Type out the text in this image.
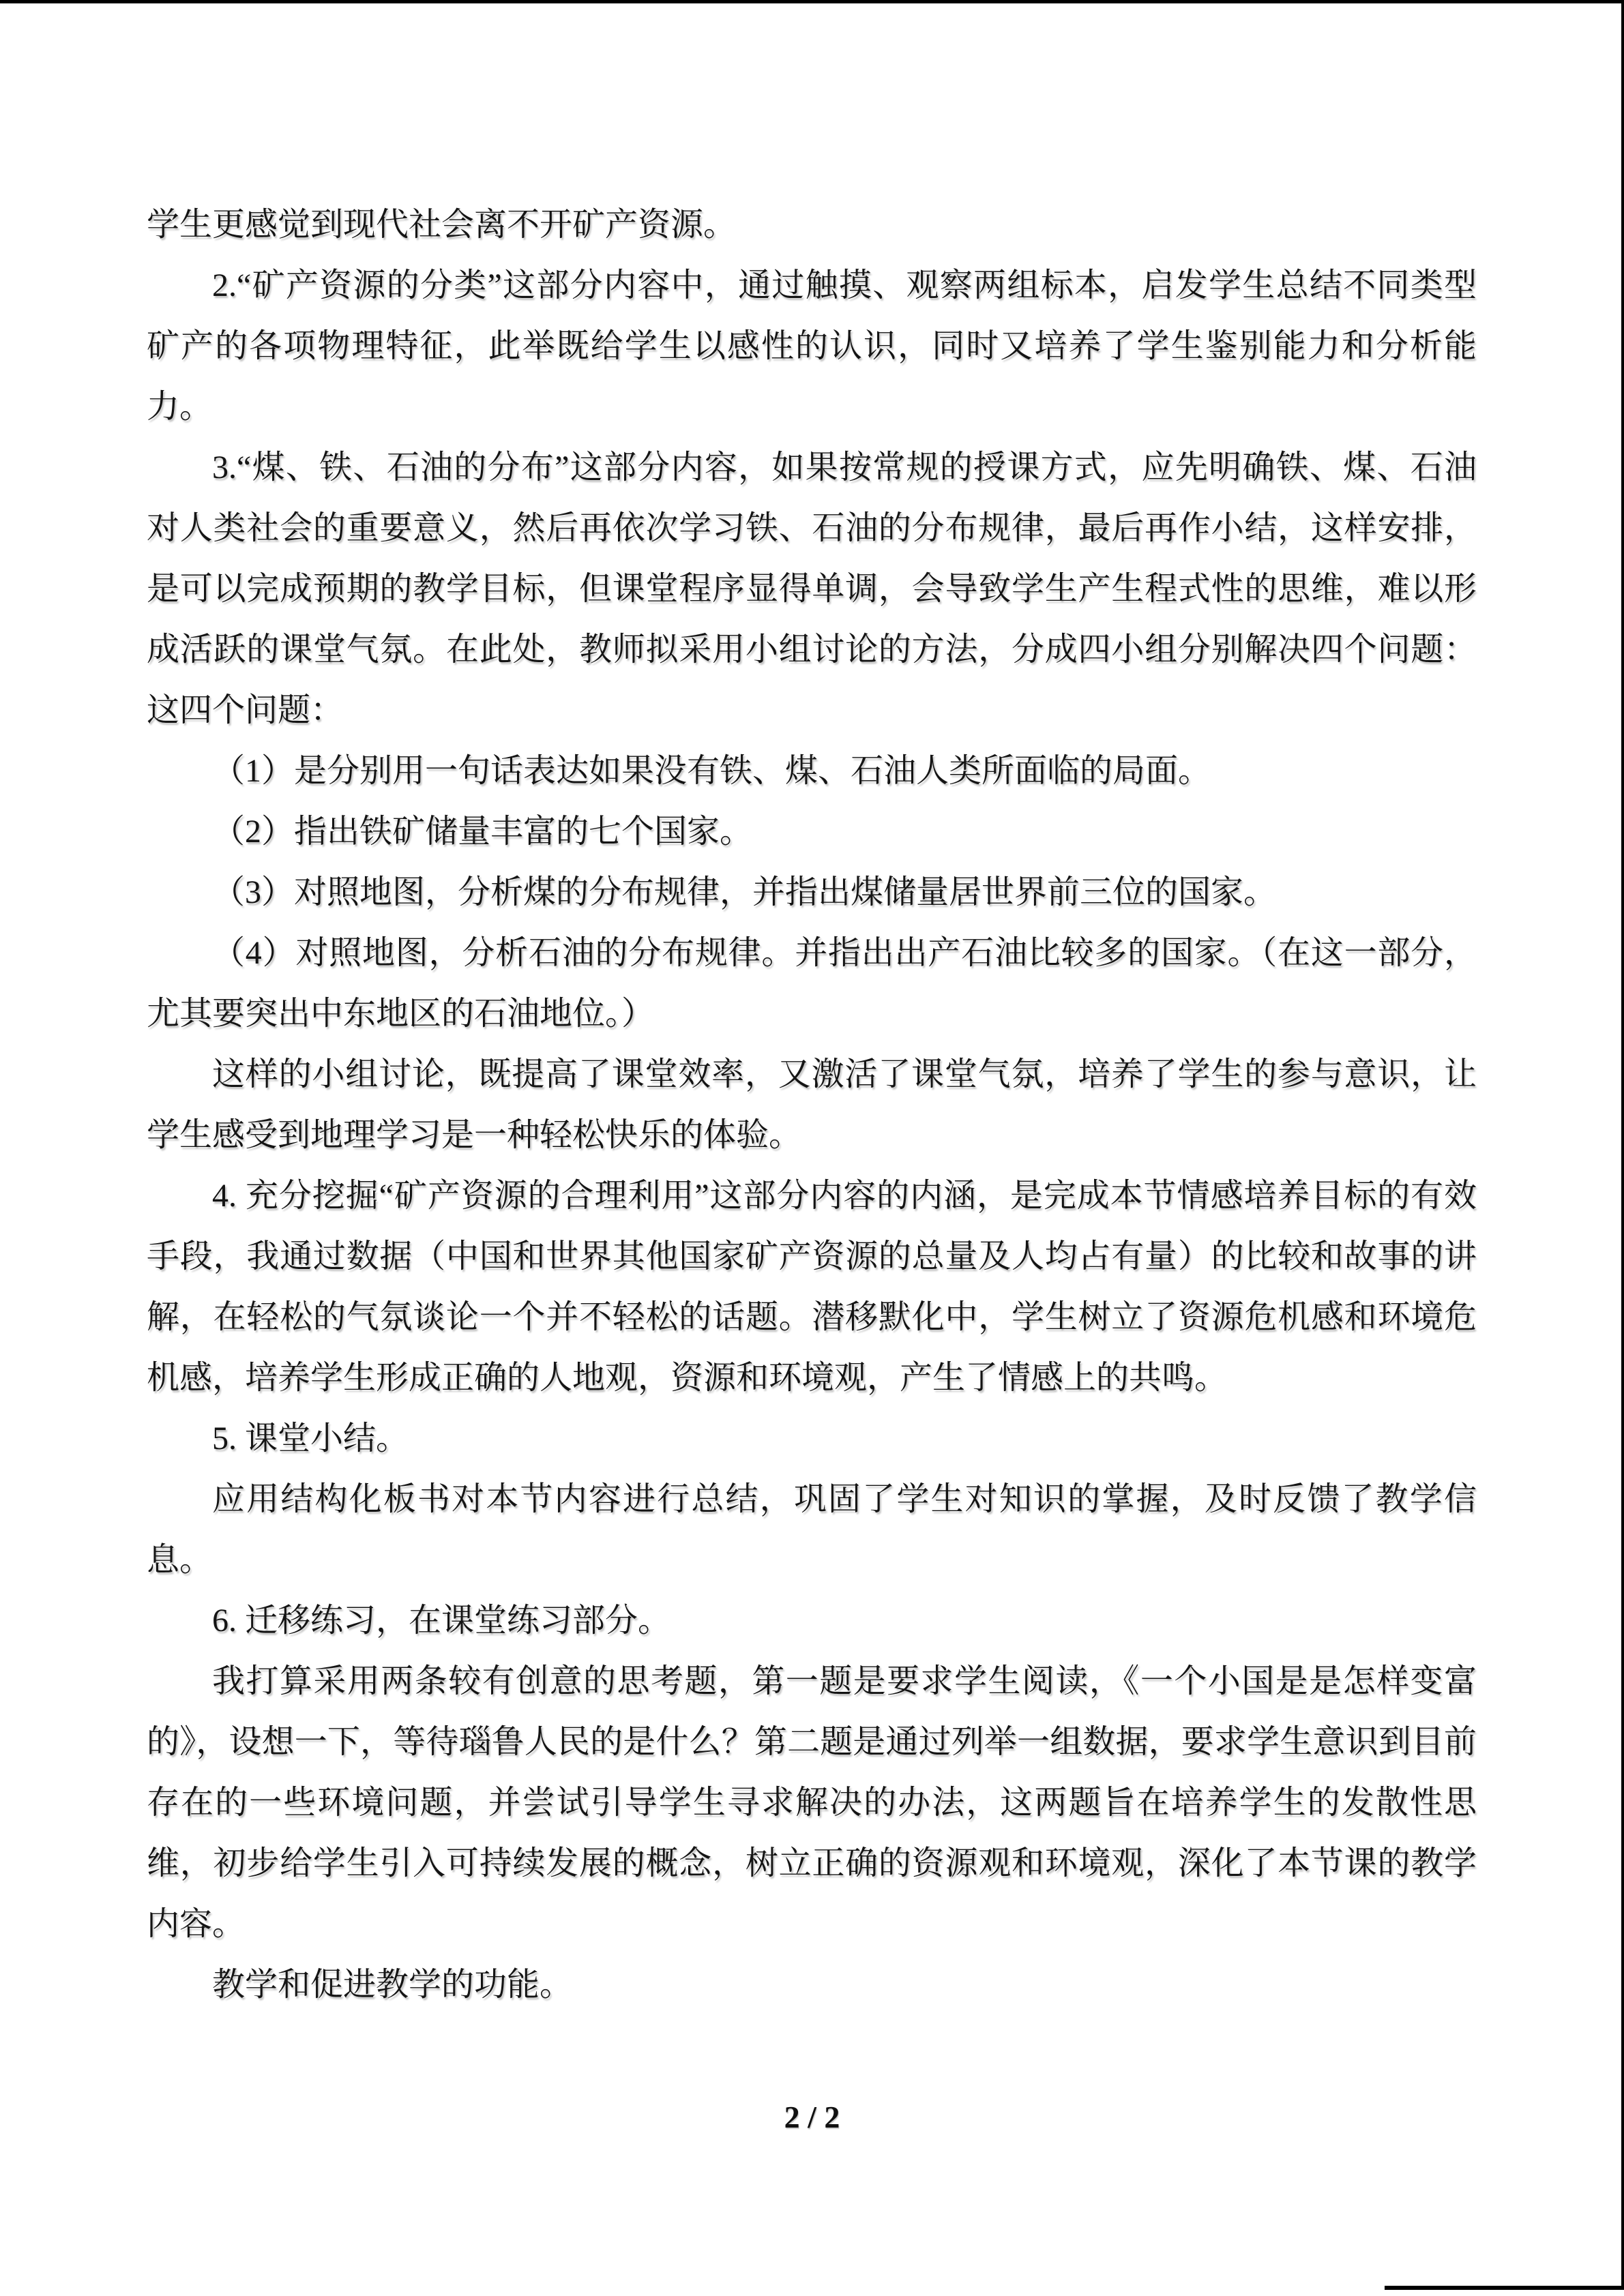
学生更感觉到现代社会离不开矿产资源。

2.“矿产资源的分类”这部分内容中，通过触摸、观察两组标本，启发学生总结不同类型矿产的各项物理特征，此举既给学生以感性的认识，同时又培养了学生鉴别能力和分析能力。

3.“煤、铁、石油的分布”这部分内容，如果按常规的授课方式，应先明确铁、煤、石油对人类社会的重要意义，然后再依次学习铁、石油的分布规律，最后再作小结，这样安排，是可以完成预期的教学目标，但课堂程序显得单调，会导致学生产生程式性的思维，难以形成活跃的课堂气氛。在此处，教师拟采用小组讨论的方法，分成四小组分别解决四个问题：这四个问题：

（1）是分别用一句话表达如果没有铁、煤、石油人类所面临的局面。

（2）指出铁矿储量丰富的七个国家。

（3）对照地图，分析煤的分布规律，并指出煤储量居世界前三位的国家。

（4）对照地图，分析石油的分布规律。并指出出产石油比较多的国家。（在这一部分，尤其要突出中东地区的石油地位。）

这样的小组讨论，既提高了课堂效率，又激活了课堂气氛，培养了学生的参与意识，让学生感受到地理学习是一种轻松快乐的体验。

4. 充分挖掘“矿产资源的合理利用”这部分内容的内涵，是完成本节情感培养目标的有效手段，我通过数据（中国和世界其他国家矿产资源的总量及人均占有量）的比较和故事的讲解，在轻松的气氛谈论一个并不轻松的话题。潜移默化中，学生树立了资源危机感和环境危机感，培养学生形成正确的人地观，资源和环境观，产生了情感上的共鸣。

5. 课堂小结。

应用结构化板书对本节内容进行总结，巩固了学生对知识的掌握，及时反馈了教学信息。

6. 迁移练习，在课堂练习部分。

我打算采用两条较有创意的思考题，第一题是要求学生阅读，《一个小国是是怎样变富的》，设想一下，等待瑙鲁人民的是什么？第二题是通过列举一组数据，要求学生意识到目前存在的一些环境问题，并尝试引导学生寻求解决的办法，这两题旨在培养学生的发散性思维，初步给学生引入可持续发展的概念，树立正确的资源观和环境观，深化了本节课的教学内容。

教学和促进教学的功能。

2 / 2
